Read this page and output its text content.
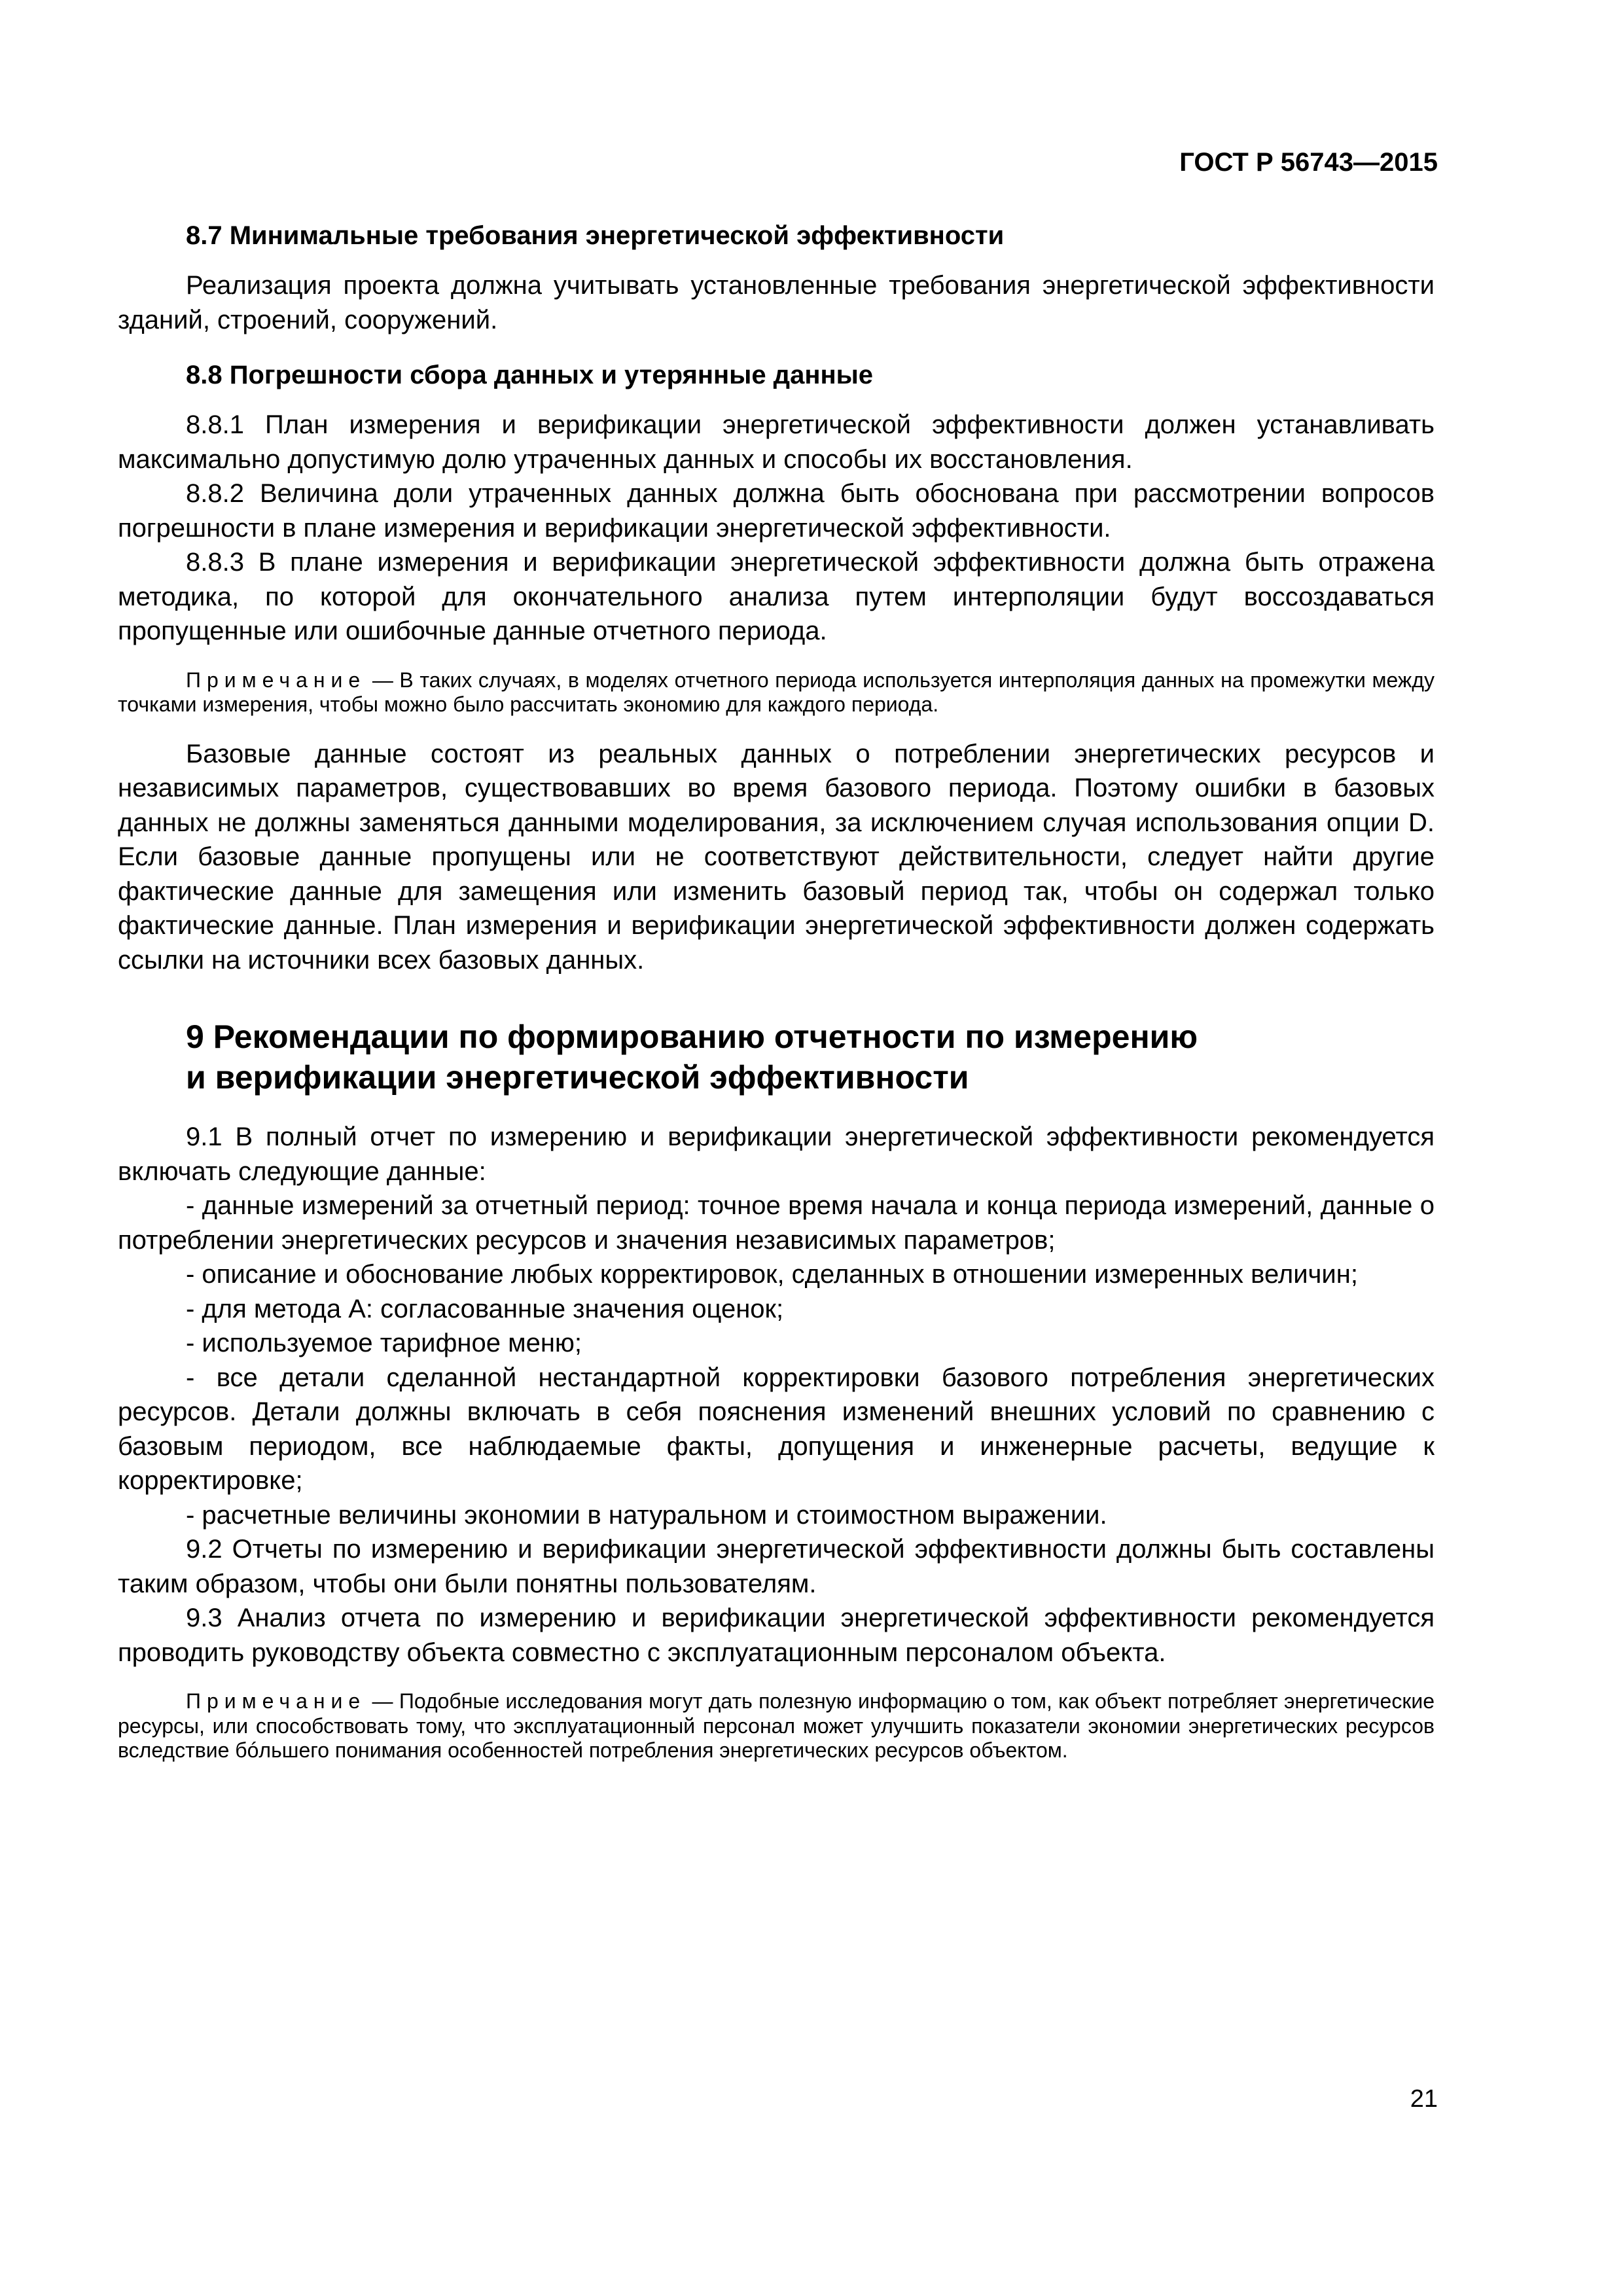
ГОСТ Р 56743—2015
8.7 Минимальные требования энергетической эффективности

Реализация проекта должна учитывать установленные требования энергетической эффективности зданий, строений, сооружений.

8.8 Погрешности сбора данных и утерянные данные

8.8.1 План измерения и верификации энергетической эффективности должен устанавливать максимально допустимую долю утраченных данных и способы их восстановления.

8.8.2 Величина доли утраченных данных должна быть обоснована при рассмотрении вопросов погрешности в плане измерения и верификации энергетической эффективности.

8.8.3 В плане измерения и верификации энергетической эффективности должна быть отражена методика, по которой для окончательного анализа путем интерполяции будут воссоздаваться пропущенные или ошибочные данные отчетного периода.

Примечание — В таких случаях, в моделях отчетного периода используется интерполяция данных на промежутки между точками измерения, чтобы можно было рассчитать экономию для каждого периода.

Базовые данные состоят из реальных данных о потреблении энергетических ресурсов и независимых параметров, существовавших во время базового периода. Поэтому ошибки в базовых данных не должны заменяться данными моделирования, за исключением случая использования опции D. Если базовые данные пропущены или не соответствуют действительности, следует найти другие фактические данные для замещения или изменить базовый период так, чтобы он содержал только фактические данные. План измерения и верификации энергетической эффективности должен содержать ссылки на источники всех базовых данных.

9 Рекомендации по формированию отчетности по измерению
и верификации энергетической эффективности

9.1 В полный отчет по измерению и верификации энергетической эффективности рекомендуется включать следующие данные:

- данные измерений за отчетный период: точное время начала и конца периода измерений, данные о потреблении энергетических ресурсов и значения независимых параметров;

- описание и обоснование любых корректировок, сделанных в отношении измеренных величин;

- для метода А: согласованные значения оценок;

- используемое тарифное меню;

- все детали сделанной нестандартной корректировки базового потребления энергетических ресурсов. Детали должны включать в себя пояснения изменений внешних условий по сравнению с базовым периодом, все наблюдаемые факты, допущения и инженерные расчеты, ведущие к корректировке;

- расчетные величины экономии в натуральном и стоимостном выражении.

9.2 Отчеты по измерению и верификации энергетической эффективности должны быть составлены таким образом, чтобы они были понятны пользователям.

9.3 Анализ отчета по измерению и верификации энергетической эффективности рекомендуется проводить руководству объекта совместно с эксплуатационным персоналом объекта.

Примечание — Подобные исследования могут дать полезную информацию о том, как объект потребляет энергетические ресурсы, или способствовать тому, что эксплуатационный персонал может улучшить показатели экономии энергетических ресурсов вследствие бóльшего понимания особенностей потребления энергетических ресурсов объектом.

21
